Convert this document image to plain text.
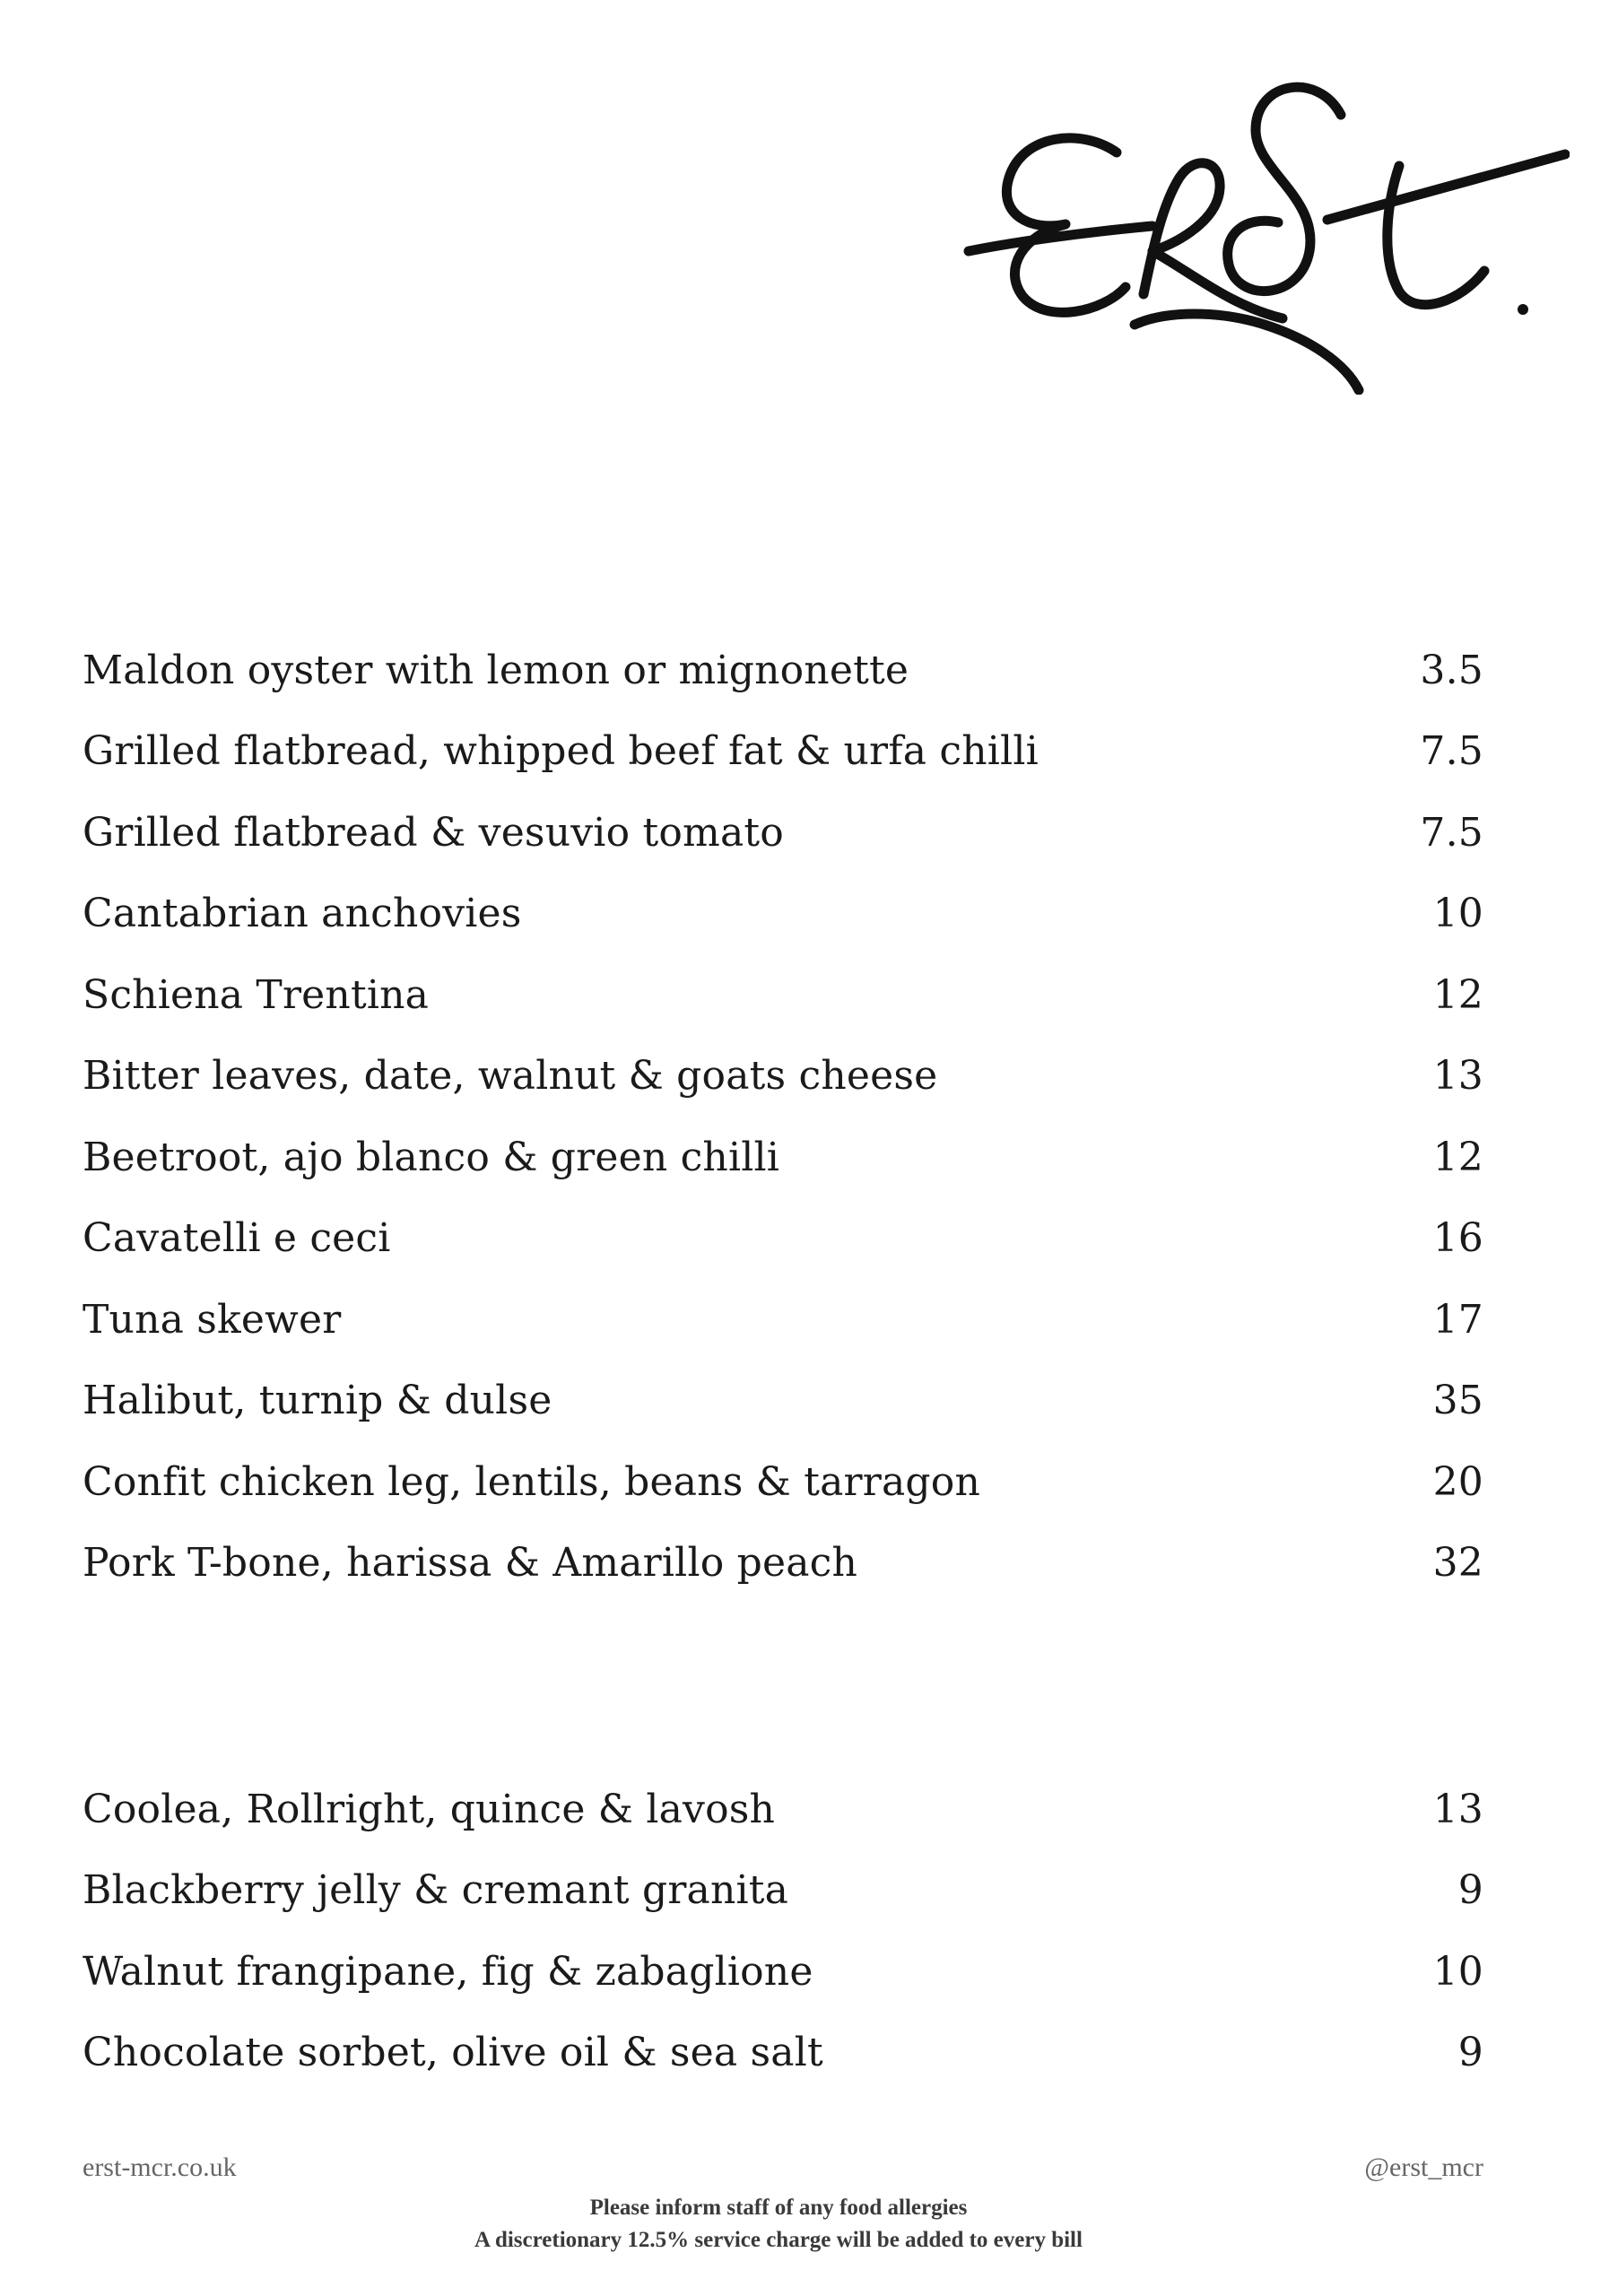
Maldon oyster with lemon or mignonette	3.5
Grilled flatbread, whipped beef fat & urfa chilli	7.5
Grilled flatbread & vesuvio tomato	7.5
Cantabrian anchovies	10
Schiena Trentina	12
Bitter leaves, date, walnut & goats cheese	13
Beetroot, ajo blanco & green chilli	12
Cavatelli e ceci	16
Tuna skewer	17
Halibut, turnip & dulse	35
Confit chicken leg, lentils, beans & tarragon	20
Pork T-bone, harissa & Amarillo peach	32
Coolea, Rollright, quince & lavosh	13
Blackberry jelly & cremant granita	9
Walnut frangipane, fig & zabaglione	10
Chocolate sorbet, olive oil & sea salt	9
erst-mcr.co.uk	@erst_mcr
Please inform staff of any food allergies
A discretionary 12.5% service charge will be added to every bill
